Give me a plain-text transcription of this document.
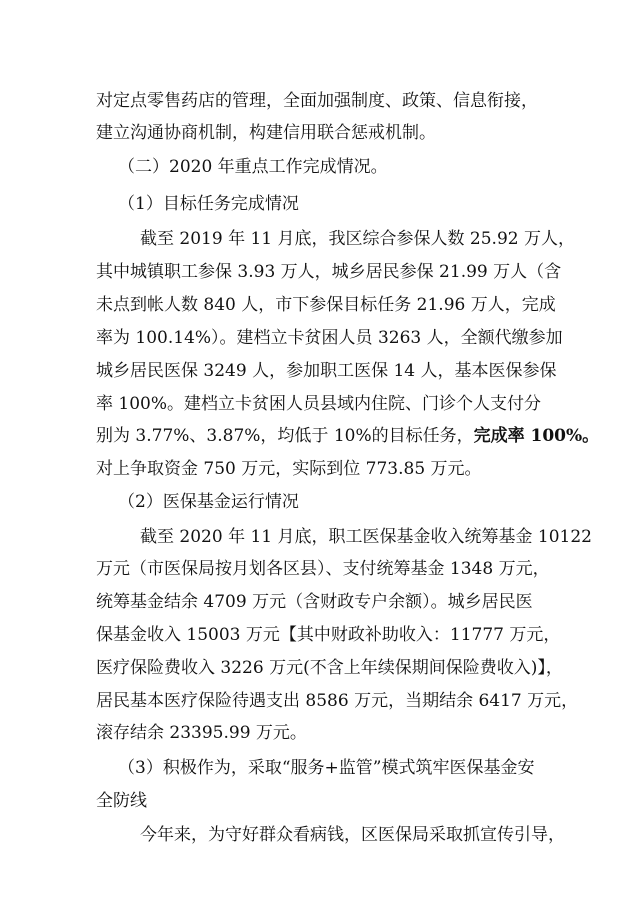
对定点零售药店的管理，全面加强制度、政策、信息衔接，
建立沟通协商机制，构建信用联合惩戒机制。
（二）2020 年重点工作完成情况。
（1）目标任务完成情况
截至 2019 年 11 月底，我区综合参保人数 25.92 万人，
其中城镇职工参保 3.93 万人，城乡居民参保 21.99 万人（含
未点到帐人数 840 人，市下参保目标任务 21.96 万人，完成
率为 100.14%）。建档立卡贫困人员 3263 人，全额代缴参加
城乡居民医保 3249 人，参加职工医保 14 人，基本医保参保
率 100%。建档立卡贫困人员县域内住院、门诊个人支付分
别为 3.77%、3.87%，均低于 10%的目标任务，完成率 100%。
对上争取资金 750 万元，实际到位 773.85 万元。
（2）医保基金运行情况
截至 2020 年 11 月底，职工医保基金收入统筹基金 10122
万元（市医保局按月划各区县）、支付统筹基金 1348 万元，
统筹基金结余 4709 万元（含财政专户余额）。城乡居民医
保基金收入 15003 万元【其中财政补助收入：11777 万元，
医疗保险费收入 3226 万元(不含上年续保期间保险费收入)】，
居民基本医疗保险待遇支出 8586 万元，当期结余 6417 万元，
滚存结余 23395.99 万元。
（3）积极作为，采取“服务+监管”模式筑牢医保基金安
全防线
今年来，为守好群众看病钱，区医保局采取抓宣传引导，
